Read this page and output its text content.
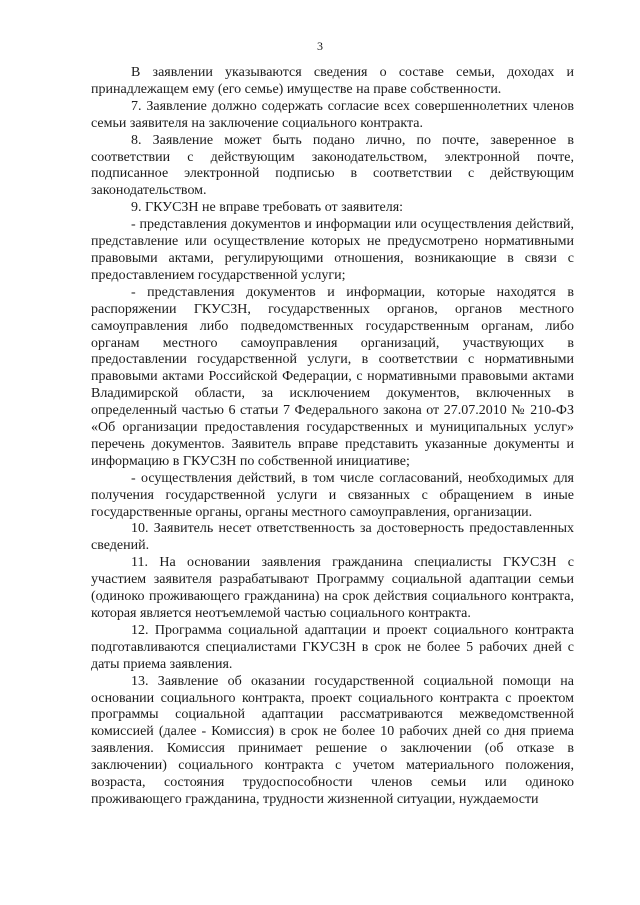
3

В заявлении указываются сведения о составе семьи, доходах и принадлежащем ему (его семье) имуществе на праве собственности.

7. Заявление должно содержать согласие всех совершеннолетних членов семьи заявителя на заключение социального контракта.

8. Заявление может быть подано лично, по почте, заверенное в соответствии с действующим законодательством, электронной почте, подписанное электронной подписью в соответствии с действующим законодательством.

9. ГКУСЗН не вправе требовать от заявителя:

- представления документов и информации или осуществления действий, представление или осуществление которых не предусмотрено нормативными правовыми актами, регулирующими отношения, возникающие в связи с предоставлением государственной услуги;

- представления документов и информации, которые находятся в распоряжении ГКУСЗН, государственных органов, органов местного самоуправления либо подведомственных государственным органам, либо органам местного самоуправления организаций, участвующих в предоставлении государственной услуги, в соответствии с нормативными правовыми актами Российской Федерации, с нормативными правовыми актами Владимирской области, за исключением документов, включенных в определенный частью 6 статьи 7 Федерального закона от 27.07.2010 № 210-ФЗ «Об организации предоставления государственных и муниципальных услуг» перечень документов. Заявитель вправе представить указанные документы и информацию в ГКУСЗН по собственной инициативе;

- осуществления действий, в том числе согласований, необходимых для получения государственной услуги и связанных с обращением в иные государственные органы, органы местного самоуправления, организации.

10. Заявитель несет ответственность за достоверность предоставленных сведений.

11. На основании заявления гражданина специалисты ГКУСЗН с участием заявителя разрабатывают Программу социальной адаптации семьи (одиноко проживающего гражданина) на срок действия социального контракта, которая является неотъемлемой частью социального контракта.

12. Программа социальной адаптации и проект социального контракта подготавливаются специалистами ГКУСЗН в срок не более 5 рабочих дней с даты приема заявления.

13. Заявление об оказании государственной социальной помощи на основании социального контракта, проект социального контракта с проектом программы социальной адаптации рассматриваются межведомственной комиссией (далее - Комиссия) в срок не более 10 рабочих дней со дня приема заявления. Комиссия принимает решение о заключении (об отказе в заключении) социального контракта с учетом материального положения, возраста, состояния трудоспособности членов семьи или одиноко проживающего гражданина, трудности жизненной ситуации, нуждаемости
